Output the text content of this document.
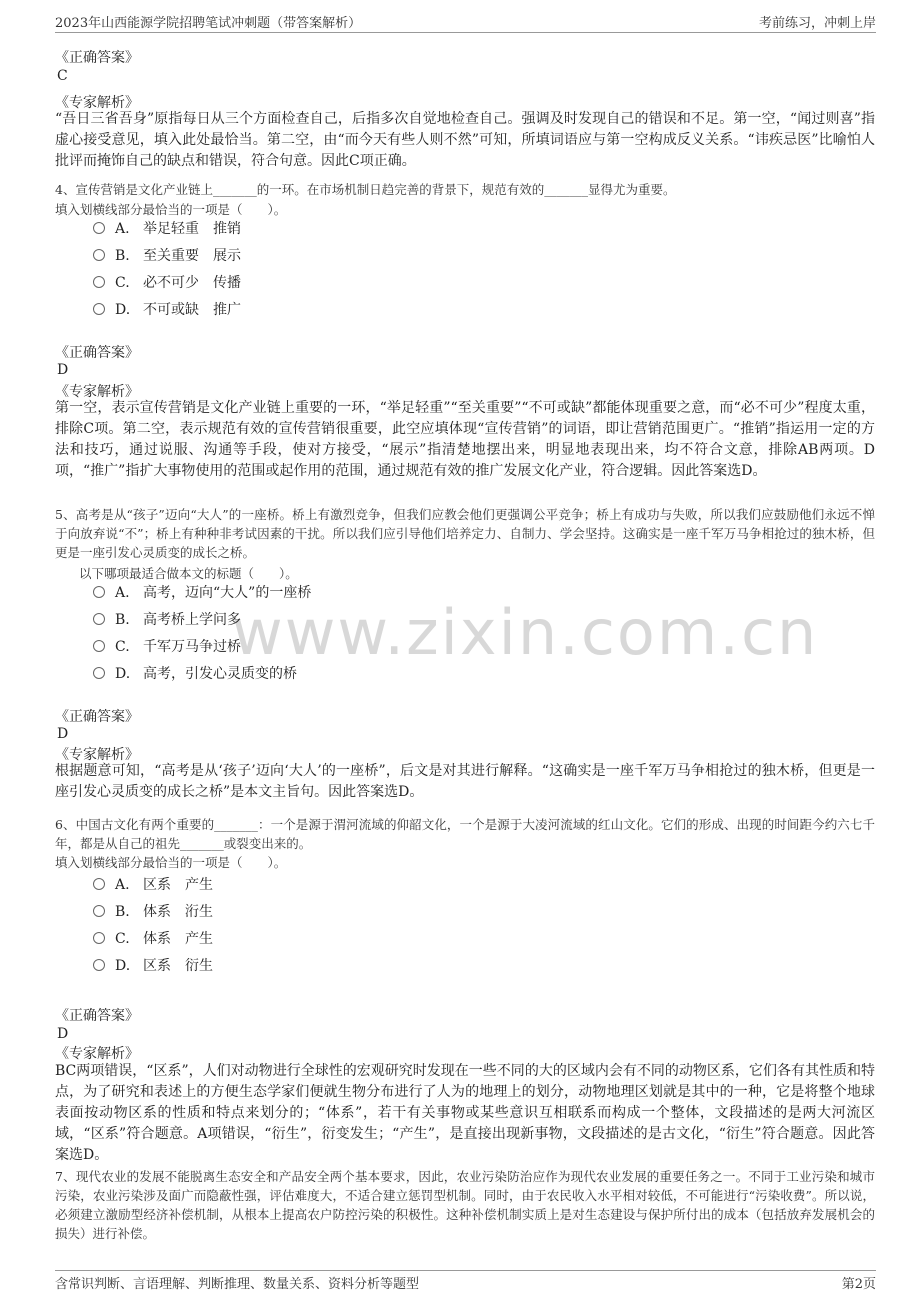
2023年山西能源学院招聘笔试冲刺题（带答案解析）	考前练习，冲刺上岸
www.zixin.com.cn
《正确答案》
C
《专家解析》
“吾日三省吾身”原指每日从三个方面检查自己，后指多次自觉地检查自己。强调及时发现自己的错误和不足。第一空，“闻过则喜”指虚心接受意见，填入此处最恰当。第二空，由“而今天有些人则不然”可知，所填词语应与第一空构成反义关系。“讳疾忌医”比喻怕人批评而掩饰自己的缺点和错误，符合句意。因此C项正确。
4、宣传营销是文化产业链上_______的一环。在市场机制日趋完善的背景下，规范有效的_______显得尤为重要。
填入划横线部分最恰当的一项是（　　）。
A. 举足轻重　推销
B. 至关重要　展示
C. 必不可少　传播
D. 不可或缺　推广
《正确答案》
D
《专家解析》
第一空，表示宣传营销是文化产业链上重要的一环，“举足轻重”“至关重要”“不可或缺”都能体现重要之意，而“必不可少”程度太重，排除C项。第二空，表示规范有效的宣传营销很重要，此空应填体现“宣传营销”的词语，即让营销范围更广。“推销”指运用一定的方法和技巧，通过说服、沟通等手段，使对方接受，“展示”指清楚地摆出来，明显地表现出来，均不符合文意，排除AB两项。D项，“推广”指扩大事物使用的范围或起作用的范围，通过规范有效的推广发展文化产业，符合逻辑。因此答案选D。
5、高考是从“孩子”迈向“大人”的一座桥。桥上有激烈竞争，但我们应教会他们更强调公平竞争；桥上有成功与失败，所以我们应鼓励他们永远不惮于向放弃说“不”；桥上有种种非考试因素的干扰。所以我们应引导他们培养定力、自制力、学会坚持。这确实是一座千军万马争相抢过的独木桥，但更是一座引发心灵质变的成长之桥。
以下哪项最适合做本文的标题（　　）。
A. 高考，迈向“大人”的一座桥
B. 高考桥上学问多
C. 千军万马争过桥
D. 高考，引发心灵质变的桥
《正确答案》
D
《专家解析》
根据题意可知，“高考是从‘孩子’迈向‘大人’的一座桥”，后文是对其进行解释。“这确实是一座千军万马争相抢过的独木桥，但更是一座引发心灵质变的成长之桥”是本文主旨句。因此答案选D。
6、中国古文化有两个重要的_______：一个是源于渭河流域的仰韶文化，一个是源于大凌河流域的红山文化。它们的形成、出现的时间距今约六七千年，都是从自己的祖先_______或裂变出来的。
填入划横线部分最恰当的一项是（　　）。
A. 区系　产生
B. 体系　洐生
C. 体系　产生
D. 区系　衍生
《正确答案》
D
《专家解析》
BC两项错误，“区系”，人们对动物进行全球性的宏观研究时发现在一些不同的大的区域内会有不同的动物区系，它们各有其性质和特点，为了研究和表述上的方便生态学家们便就生物分布进行了人为的地理上的划分，动物地理区划就是其中的一种，它是将整个地球表面按动物区系的性质和特点来划分的；“体系”，若干有关事物或某些意识互相联系而构成一个整体，文段描述的是两大河流区域，“区系”符合题意。A项错误，“衍生”，衍变发生；“产生”，是直接出现新事物，文段描述的是古文化，“衍生”符合题意。因此答案选D。
7、现代农业的发展不能脱离生态安全和产品安全两个基本要求，因此，农业污染防治应作为现代农业发展的重要任务之一。不同于工业污染和城市污染，农业污染涉及面广而隐蔽性强，评估难度大，不适合建立惩罚型机制。同时，由于农民收入水平相对较低，不可能进行“污染收费”。所以说，必须建立激励型经济补偿机制，从根本上提高农户防控污染的积极性。这种补偿机制实质上是对生态建设与保护所付出的成本（包括放弃发展机会的损失）进行补偿。
含常识判断、言语理解、判断推理、数量关系、资料分析等题型	第2页
